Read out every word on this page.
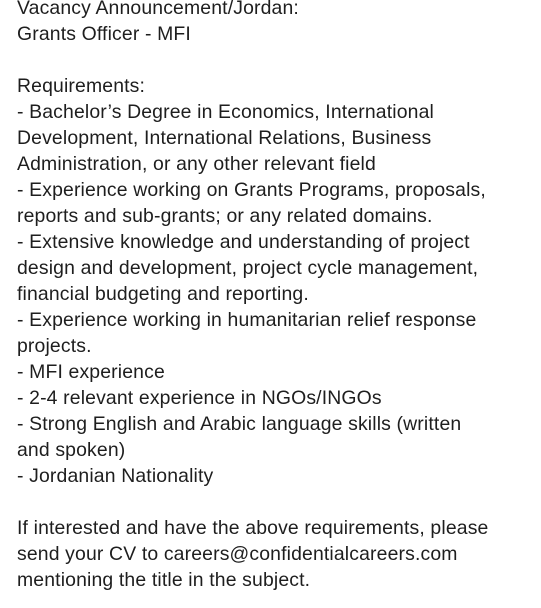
Vacancy Announcement/Jordan:
Grants Officer - MFI
Requirements:
- Bachelor’s Degree in Economics, International
Development, International Relations, Business
Administration, or any other relevant field
- Experience working on Grants Programs, proposals,
reports and sub-grants; or any related domains.
- Extensive knowledge and understanding of project
design and development, project cycle management,
financial budgeting and reporting.
- Experience working in humanitarian relief response
projects.
- MFI experience
- 2-4 relevant experience in NGOs/INGOs
- Strong English and Arabic language skills (written
and spoken)
- Jordanian Nationality
If interested and have the above requirements, please
send your CV to careers@confidentialcareers.com
mentioning the title in the subject.
